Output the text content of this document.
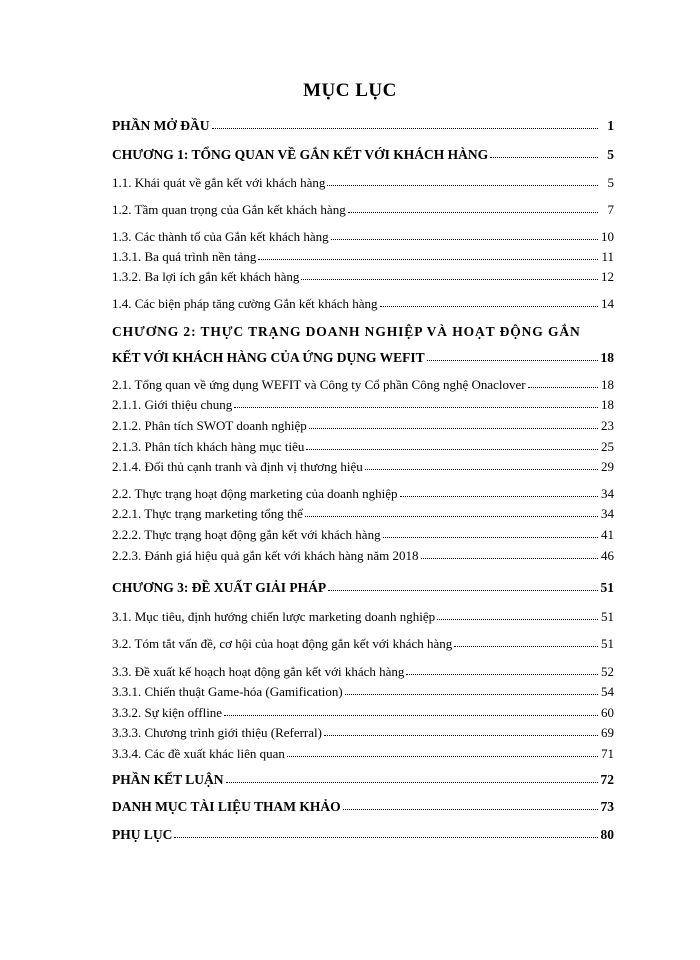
MỤC LỤC
PHẦN MỞ ĐẦU	1
CHƯƠNG 1: TỔNG QUAN VỀ GẮN KẾT VỚI KHÁCH HÀNG	5
1.1. Khái quát về gắn kết với khách hàng	5
1.2. Tầm quan trọng của Gắn kết khách hàng	7
1.3. Các thành tố của Gắn kết khách hàng	10
1.3.1. Ba quá trình nền tảng	11
1.3.2. Ba lợi ích gắn kết khách hàng	12
1.4. Các biện pháp tăng cường Gắn kết khách hàng	14
CHƯƠNG 2: THỰC TRẠNG DOANH NGHIỆP VÀ HOẠT ĐỘNG GẮN
KẾT VỚI KHÁCH HÀNG CỦA ỨNG DỤNG WEFIT	18
2.1. Tổng quan về ứng dụng WEFIT và Công ty Cổ phần Công nghệ Onaclover	18
2.1.1. Giới thiệu chung	18
2.1.2. Phân tích SWOT doanh nghiệp	23
2.1.3. Phân tích khách hàng mục tiêu	25
2.1.4. Đối thủ cạnh tranh và định vị thương hiệu	29
2.2. Thực trạng hoạt động marketing của doanh nghiệp	34
2.2.1. Thực trạng marketing tổng thể	34
2.2.2. Thực trạng hoạt động gắn kết với khách hàng	41
2.2.3. Đánh giá hiệu quả gắn kết với khách hàng năm 2018	46
CHƯƠNG 3: ĐỀ XUẤT GIẢI PHÁP	51
3.1. Mục tiêu, định hướng chiến lược marketing doanh nghiệp	51
3.2. Tóm tắt vấn đề, cơ hội của hoạt động gắn kết với khách hàng	51
3.3. Đề xuất kế hoạch hoạt động gắn kết với khách hàng	52
3.3.1. Chiến thuật Game-hóa (Gamification)	54
3.3.2. Sự kiện offline	60
3.3.3. Chương trình giới thiệu (Referral)	69
3.3.4. Các đề xuất khác liên quan	71
PHẦN KẾT LUẬN	72
DANH MỤC TÀI LIỆU THAM KHẢO	73
PHỤ LỤC	80
